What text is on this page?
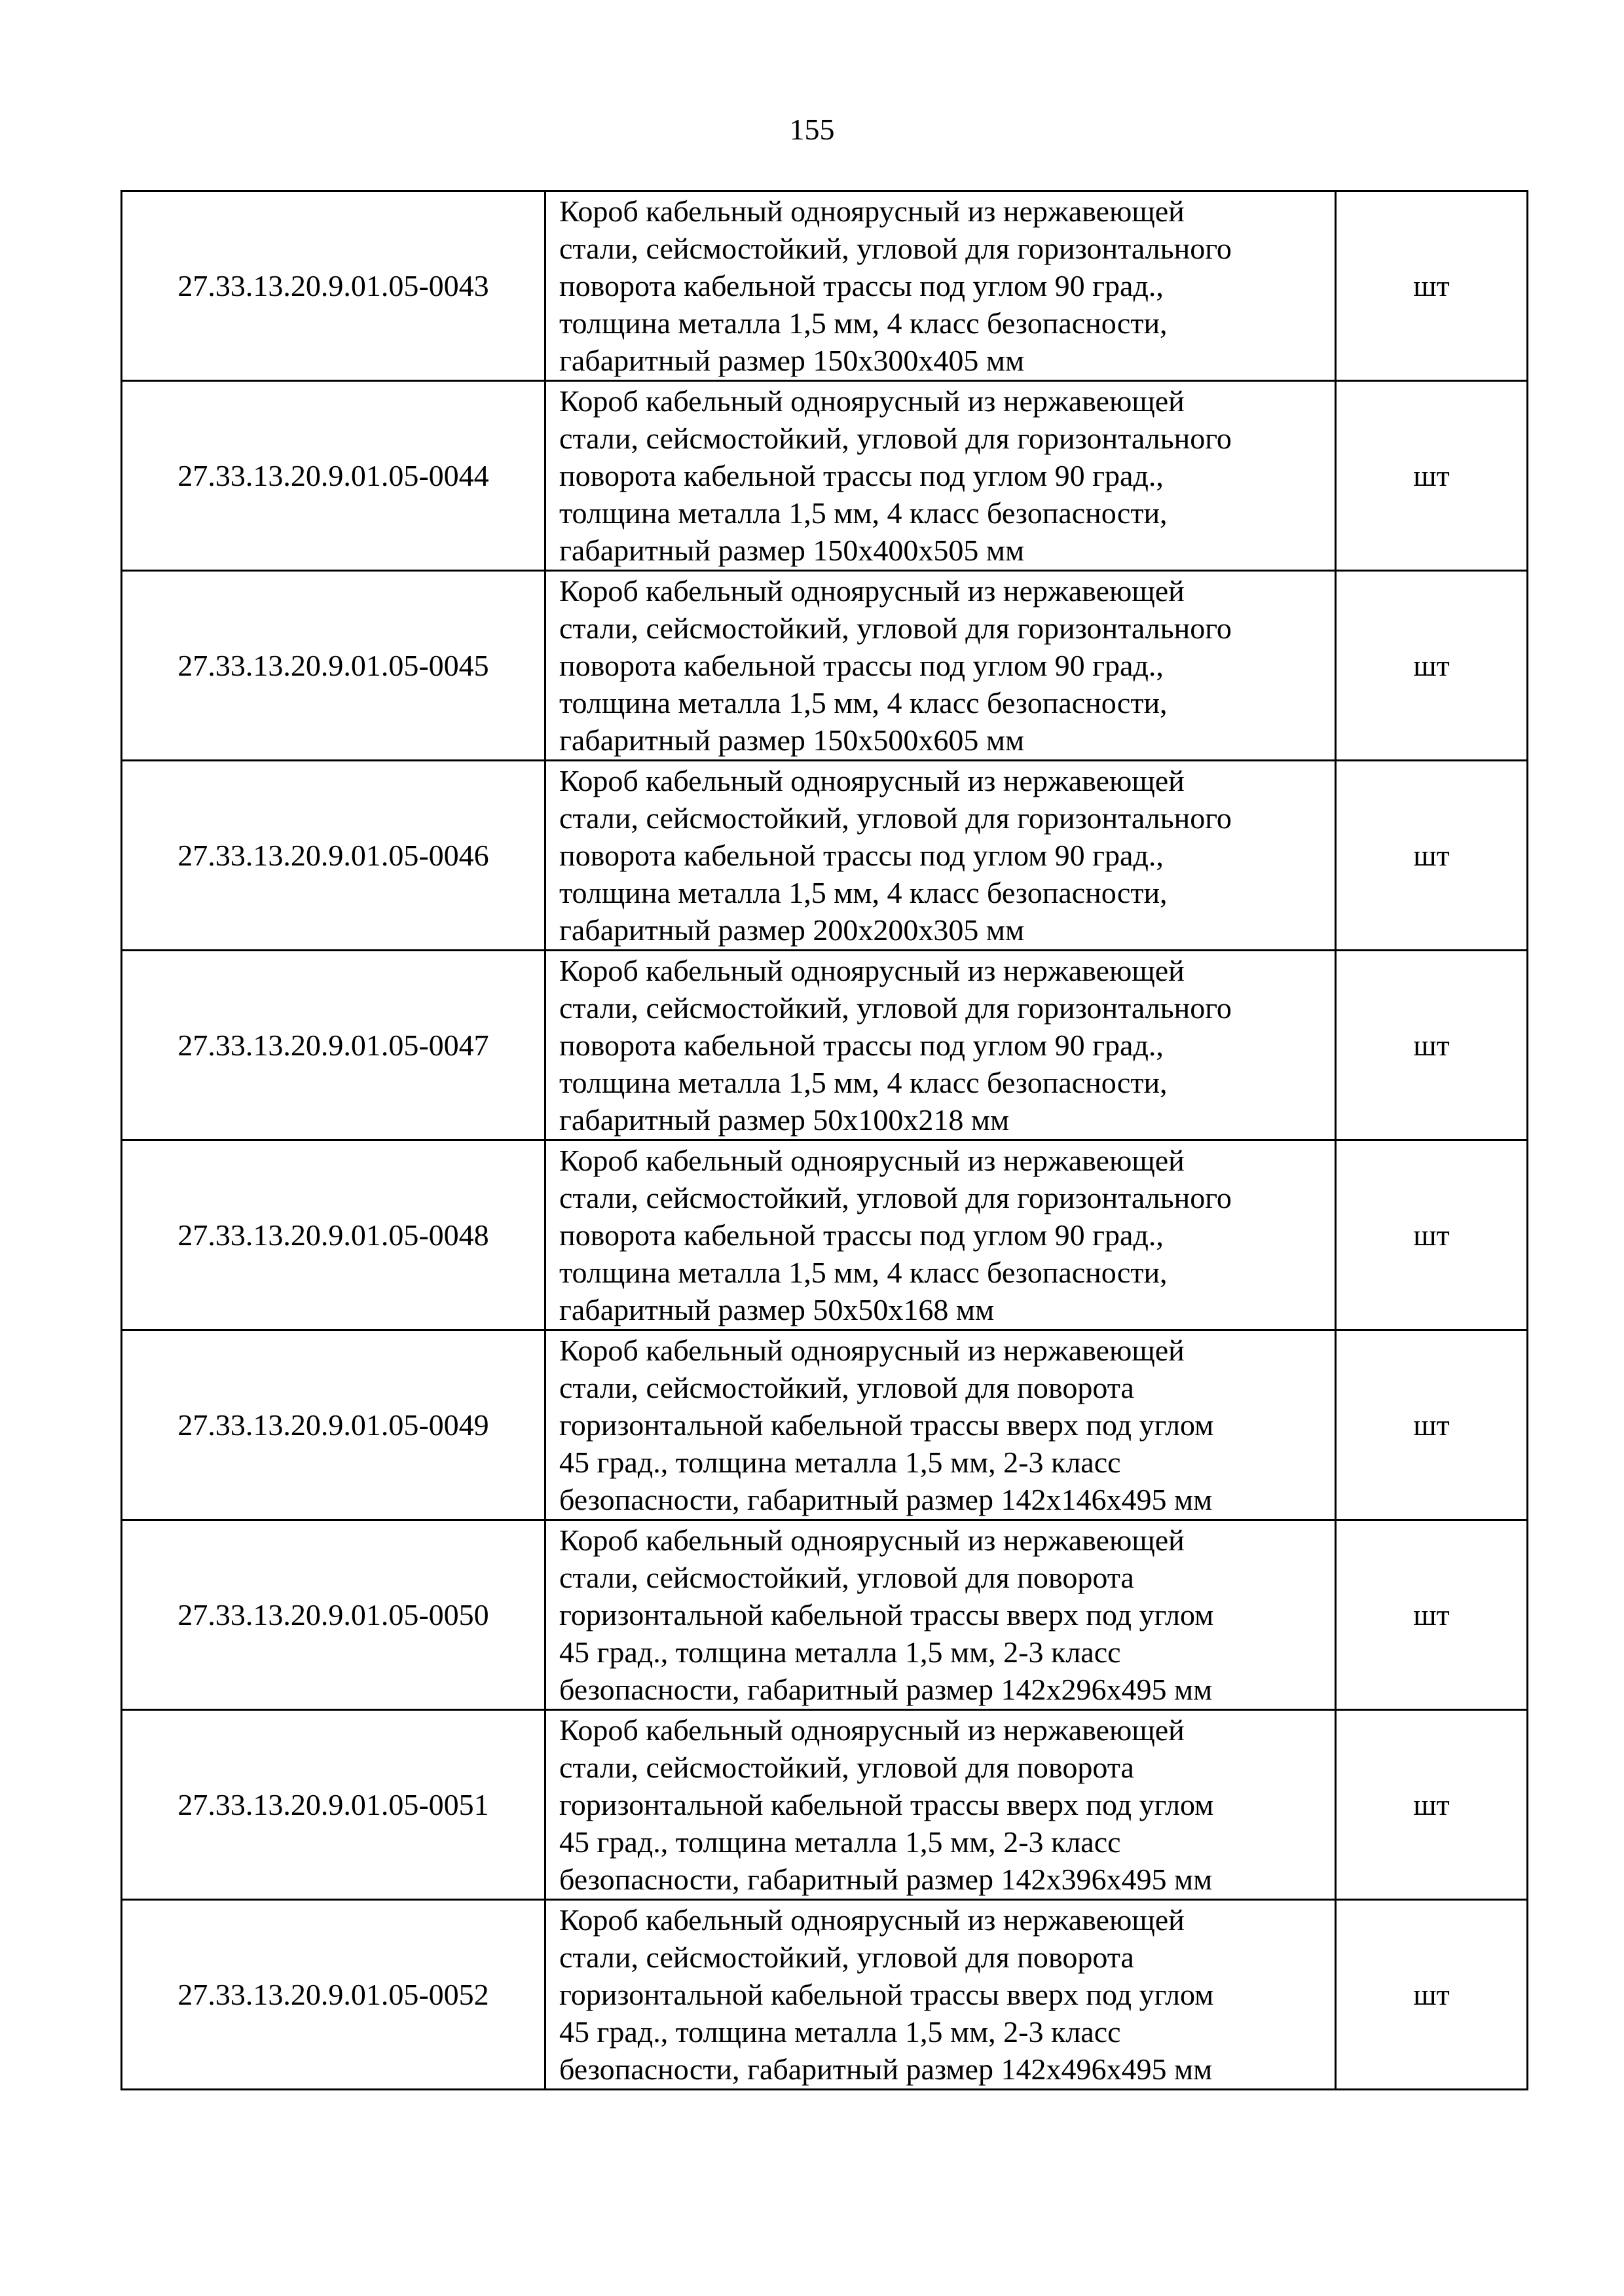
155
27.33.13.20.9.01.05-0043	Короб кабельный одноярусный из нержавеющей
стали, сейсмостойкий, угловой для горизонтального
поворота кабельной трассы под углом 90 град.,
толщина металла 1,5 мм, 4 класс безопасности,
габаритный размер 150x300x405 мм	шт
27.33.13.20.9.01.05-0044	Короб кабельный одноярусный из нержавеющей
стали, сейсмостойкий, угловой для горизонтального
поворота кабельной трассы под углом 90 град.,
толщина металла 1,5 мм, 4 класс безопасности,
габаритный размер 150x400x505 мм	шт
27.33.13.20.9.01.05-0045	Короб кабельный одноярусный из нержавеющей
стали, сейсмостойкий, угловой для горизонтального
поворота кабельной трассы под углом 90 град.,
толщина металла 1,5 мм, 4 класс безопасности,
габаритный размер 150x500x605 мм	шт
27.33.13.20.9.01.05-0046	Короб кабельный одноярусный из нержавеющей
стали, сейсмостойкий, угловой для горизонтального
поворота кабельной трассы под углом 90 град.,
толщина металла 1,5 мм, 4 класс безопасности,
габаритный размер 200x200x305 мм	шт
27.33.13.20.9.01.05-0047	Короб кабельный одноярусный из нержавеющей
стали, сейсмостойкий, угловой для горизонтального
поворота кабельной трассы под углом 90 град.,
толщина металла 1,5 мм, 4 класс безопасности,
габаритный размер 50x100x218 мм	шт
27.33.13.20.9.01.05-0048	Короб кабельный одноярусный из нержавеющей
стали, сейсмостойкий, угловой для горизонтального
поворота кабельной трассы под углом 90 град.,
толщина металла 1,5 мм, 4 класс безопасности,
габаритный размер 50x50x168 мм	шт
27.33.13.20.9.01.05-0049	Короб кабельный одноярусный из нержавеющей
стали, сейсмостойкий, угловой для поворота
горизонтальной кабельной трассы вверх под углом
45 град., толщина металла 1,5 мм, 2-3 класс
безопасности, габаритный размер 142x146x495 мм	шт
27.33.13.20.9.01.05-0050	Короб кабельный одноярусный из нержавеющей
стали, сейсмостойкий, угловой для поворота
горизонтальной кабельной трассы вверх под углом
45 град., толщина металла 1,5 мм, 2-3 класс
безопасности, габаритный размер 142x296x495 мм	шт
27.33.13.20.9.01.05-0051	Короб кабельный одноярусный из нержавеющей
стали, сейсмостойкий, угловой для поворота
горизонтальной кабельной трассы вверх под углом
45 град., толщина металла 1,5 мм, 2-3 класс
безопасности, габаритный размер 142x396x495 мм	шт
27.33.13.20.9.01.05-0052	Короб кабельный одноярусный из нержавеющей
стали, сейсмостойкий, угловой для поворота
горизонтальной кабельной трассы вверх под углом
45 град., толщина металла 1,5 мм, 2-3 класс
безопасности, габаритный размер 142x496x495 мм	шт
